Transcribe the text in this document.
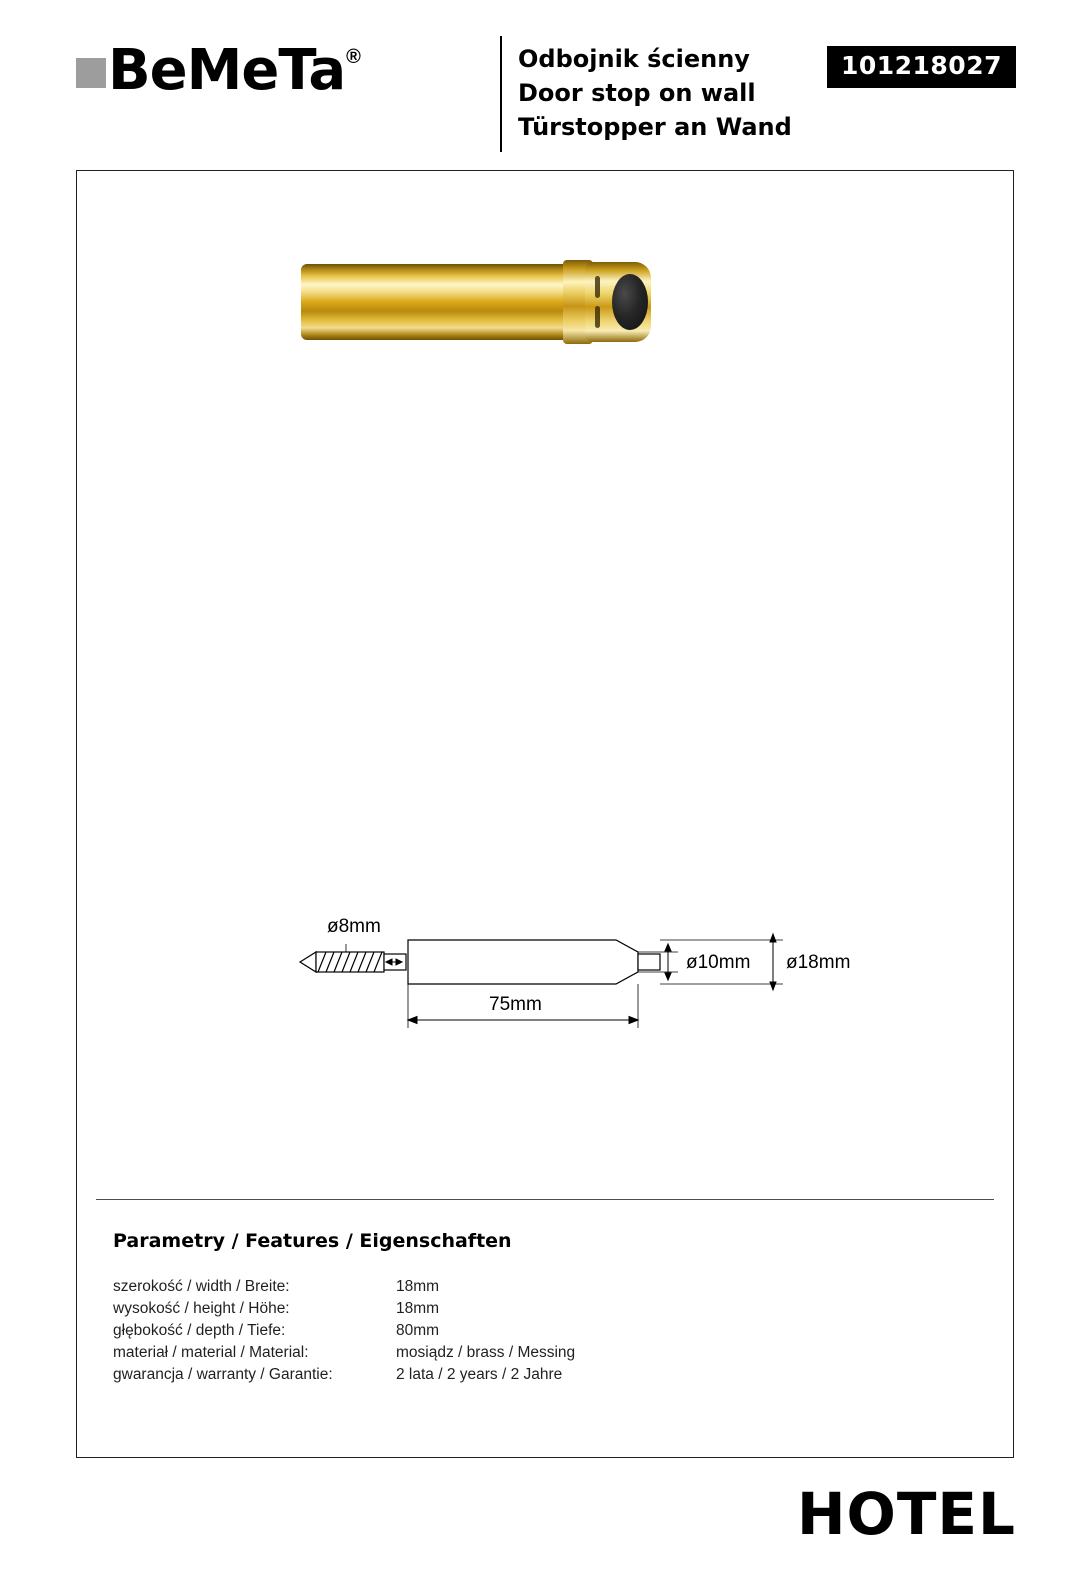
BeMeTa ®	Odbojnik ścienny
Door stop on wall
Türstopper an Wand
101218027
ø8mm
ø10mm ø18mm
75mm
Parametry / Features / Eigenschaften
szerokość / width / Breite:	18mm
wysokość / height / Höhe:	18mm
głębokość / depth / Tiefe:	80mm
materiał / material / Material:	mosiądz / brass / Messing
gwarancja / warranty / Garantie:	2 lata / 2 years / 2 Jahre
HOTEL
